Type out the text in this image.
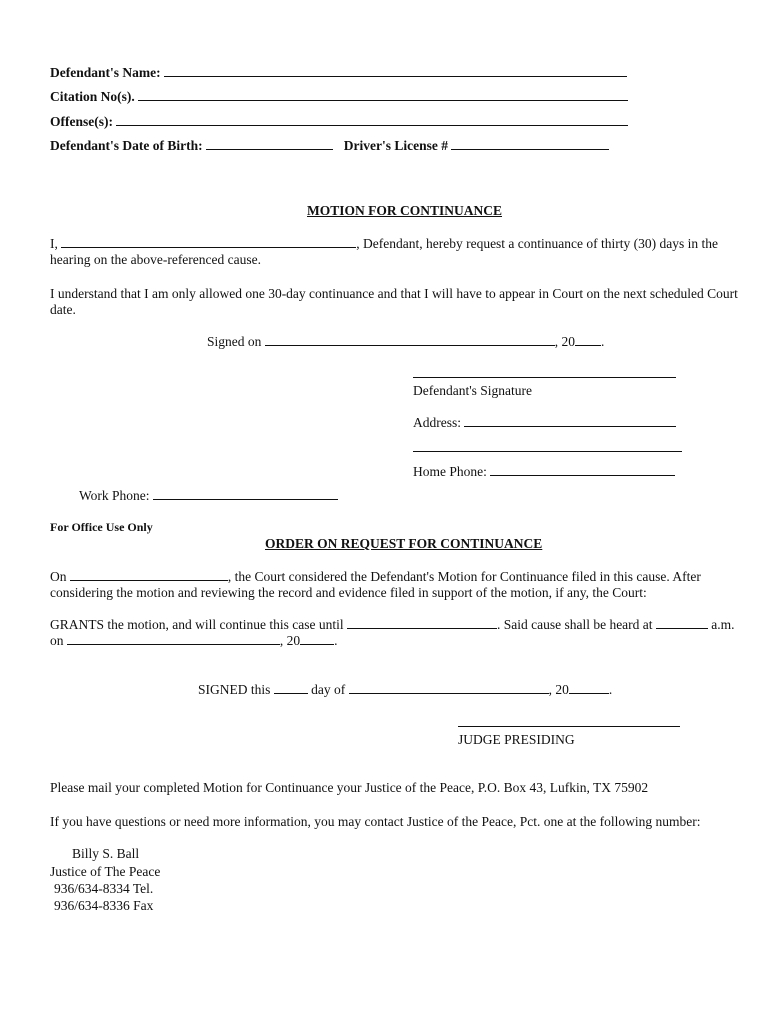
Defendant's Name:
Citation No(s).
Offense(s):
Defendant's Date of Birth:	Driver's License #
MOTION FOR CONTINUANCE
I,	, Defendant, hereby request a continuance of thirty (30) days in the
hearing on the above-referenced cause.
I understand that I am only allowed one 30-day continuance and that I will have to appear in Court on the next scheduled Court
date.
Signed on	, 20 .
Defendant's Signature
Address:
Home Phone:
Work Phone:
For Office Use Only
ORDER ON REQUEST FOR CONTINUANCE
On	, the Court considered the Defendant's Motion for Continuance filed in this cause. After
considering the motion and reviewing the record and evidence filed in support of the motion, if any, the Court:
GRANTS the motion, and will continue this case until	. Said cause shall be heard at	a.m.
on	, 20	.
SIGNED this	day of	, 20	.
JUDGE PRESIDING
Please mail your completed Motion for Continuance your Justice of the Peace, P.O. Box 43, Lufkin, TX 75902
If you have questions or need more information, you may contact Justice of the Peace, Pct. one at the following number:
Billy S. Ball
Justice of The Peace
936/634-8334 Tel.
936/634-8336 Fax
